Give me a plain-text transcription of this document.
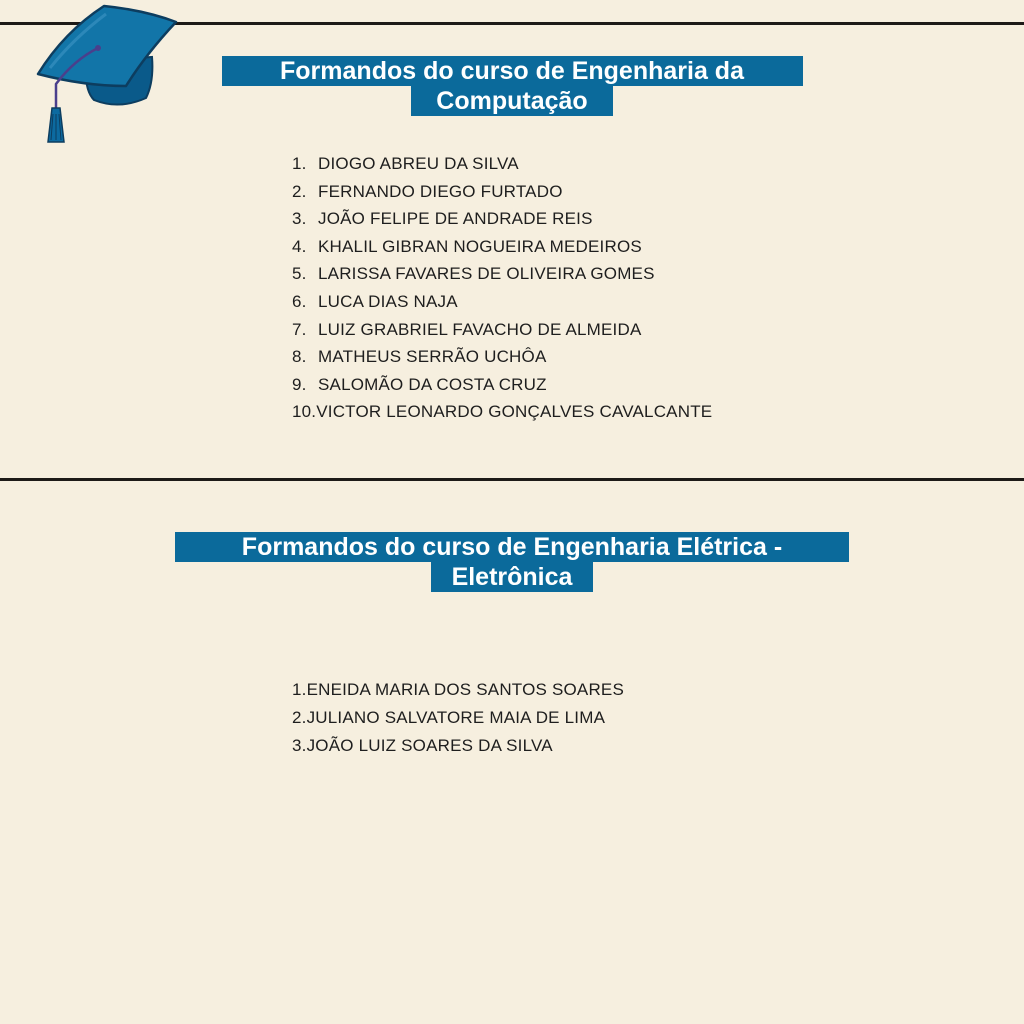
Formandos do curso de Engenharia da
Computação
1. DIOGO ABREU DA SILVA
2. FERNANDO DIEGO FURTADO
3. JOÃO FELIPE DE ANDRADE REIS
4. KHALIL GIBRAN NOGUEIRA MEDEIROS
5. LARISSA FAVARES DE OLIVEIRA GOMES
6. LUCA DIAS NAJA
7. LUIZ GRABRIEL FAVACHO DE ALMEIDA
8. MATHEUS SERRÃO UCHÔA
9. SALOMÃO DA COSTA CRUZ
10.VICTOR LEONARDO GONÇALVES CAVALCANTE
Formandos do curso de Engenharia Elétrica -
Eletrônica
1.ENEIDA MARIA DOS SANTOS SOARES
2.JULIANO SALVATORE MAIA DE LIMA
3.JOÃO LUIZ SOARES DA SILVA
